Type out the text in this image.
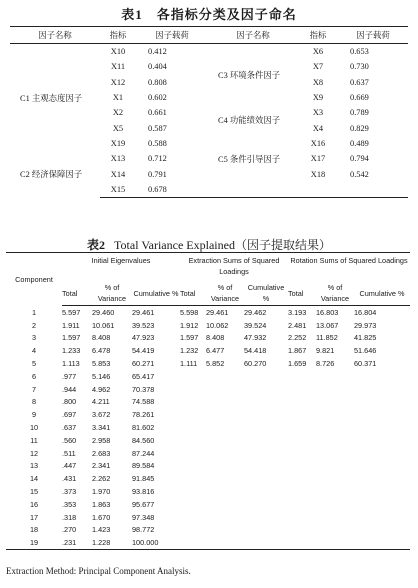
表1　各指标分类及因子命名
因子名称	指标	因子载荷	因子名称	指标	因子载荷
C1 主观态度因子	X10	0.412	C3 环境条件因子	X6	0.653
	X11	0.404		X7	0.730
	X12	0.808		X8	0.637
	X1	0.602		X9	0.669
	X2	0.661	C4 功能绩效因子	X3	0.789
	X5	0.587		X4	0.829
	X19	0.588	C5 条件引导因子	X16	0.489
C2 经济保障因子	X13	0.712		X17	0.794
	X14	0.791		X18	0.542
	X15	0.678			
表2 Total Variance Explained（因子提取结果）
Component	Initial Eigenvalues			Extraction Sums of Squared Loadings			Rotation Sums of Squared Loadings		
	Total	% of Variance	Cumulative %	Total	% of Variance	Cumulative %	Total	% of Variance	Cumulative %
1	5.597	29.460	29.461	5.598	29.461	29.462	3.193	16.803	16.804
2	1.911	10.061	39.523	1.912	10.062	39.524	2.481	13.067	29.973
3	1.597	8.408	47.923	1.597	8.408	47.932	2.252	11.852	41.825
4	1.233	6.478	54.419	1.232	6.477	54.418	1.867	9.821	51.646
5	1.113	5.853	60.271	1.111	5.852	60.270	1.659	8.726	60.371
6	.977	5.146	65.417						
7	.944	4.962	70.378						
8	.800	4.211	74.588						
9	.697	3.672	78.261						
10	.637	3.341	81.602						
11	.560	2.958	84.560						
12	.511	2.683	87.244						
13	.447	2.341	89.584						
14	.431	2.262	91.845						
15	.373	1.970	93.816						
16	.353	1.863	95.677						
17	.318	1.670	97.348						
18	.270	1.423	98.772						
19	.231	1.228	100.000						
Extraction Method: Principal Component Analysis.
